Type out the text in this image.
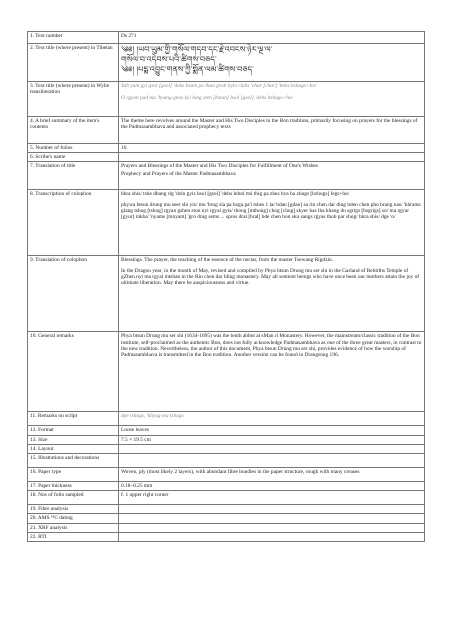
1. Text number	Ds 271
2. Text title (where present) in Tibetan	༄༅། །ཡབ་ཡུམ་གྱི་གསོལ་གདབ་དང་རྗེ་འབངས་ཉེར་ལྔ་ལ་
གསོལ་བ་འདེབས་པའི་ཚིགས་བཅད་
༄༅། །པདྨ་འབྱུང་གནས་ཀྱི་སྨོན་ལམ་ཚིགས་བཅད་

3. Text title (where present) in Wylie transliteration	Yab yum gyi gsol [gsol] 'debs bsam pa lhun grub byin rlabs 'char [char] 'bebs bzhugs+ho/
O rgyan pad ma 'byung gnas kyi lung sten [bstan] bsol [gsol] 'debs bzhugs+ho/

4. A brief summary of the item's contents	The theme here revolves around the Master and His Two Disciples in the Bon tradition, primarily focusing on prayers for the blessings of the Padmasambhava and associated prophecy texts
5. Number of folios	16
6. Scribe's name	
7. Translation of title	Prayers and Blessings of the Master and His Two Disciples for Fulfillment of One's Wishes
Prophecy and Prayers of the Master Padmasambhava

8. Transcription of colophon	bkra shis/ tshe dbang rig 'dzin gyis bsol [gsol] 'debs bdud rtsi thig pa zhes bya ba zhugs [bzhugs] legs+ho/

phywa btsun drung mu seer shi yis/ mu 'brug sla pa bzga pa'i tshes 1 la/ bdan [gdan] sa rin chen dar ding bden chen pho brang nas/ 'khrams glang tshog [tshog] rgyan gshen ston nyi rgyal gyis/ thong [mthong] chog [chog] skyer bas lha khang du sgrigs [bsgrigs] so/ ma rgyur [gyur] mkha' 'nyams [mnyam] 'gro drug sems ... spros dral [bral] bde chen bon sku sangs rgyas thob par shog/ bkra shis/ dge 'o/

9. Translation of colophon	Blessings. The prayer, the teaching of the essence of the nectar, from the master Tsewang Rigdzin.

In the Dragon year, in the month of May, revised and compiled by Phya btsun Drung mu ser shi in the Garland of Rebirths Temple of gZhen nyi ma rgyal mtshan in the Rin chen dar lding monastery. May all sentient beings who have once been our mothers attain the joy of ultimate liberation. May there be auspiciousness and virtue.

10. General remarks	Phya btsun Drung mu ser shi (1634-1695) was the tenth abbot at sMan ri Monastery. However, the mainstream/classic tradition of the Bon institute, self-proclaimed as the authentic Bon, does not fully acknowledge Padmasambhava as one of the three great masters, in contrast to the new tradition. Nevertheless, the author of this document, Phya btsun Drung mu ser shi, provides evidence of how the worship of Padmasambhava is transmitted in the Bon tradition. Another version can be found in Drangsong 196.
11. Remarks on script	dpe tshugs, 'khyug ma tshugs
12. Format	Loose leaves
13. Size	7.5 × 19.5 cm
14. Layout	
15. Illustrations and decorations	
16. Paper type	Woven, ply (most likely 2 layers), with abundant fibre bundles in the paper structure, rough with many creases
17. Paper thickness	0.18–0.25 mm
18. Nos of folio sampled	f. 1 upper right corner
19. Fibre analysis	
20. AMS ¹⁴C dating	
21. XRF analysis	
22. RTI	
